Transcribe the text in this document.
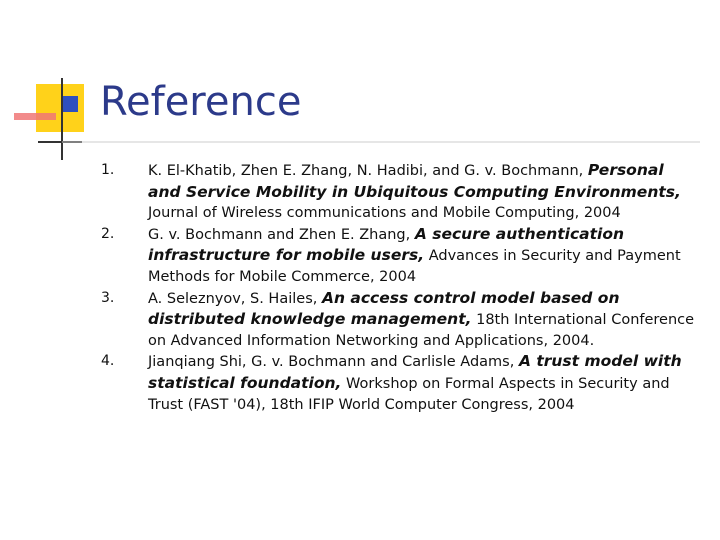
Reference
1. K. El-Khatib, Zhen E. Zhang, N. Hadibi, and G. v. Bochmann, Personal and Service Mobility in Ubiquitous Computing Environments, Journal of Wireless communications and Mobile Computing, 2004
2. G. v. Bochmann and Zhen E. Zhang, A secure authentication infrastructure for mobile users, Advances in Security and Payment Methods for Mobile Commerce, 2004
3. A. Seleznyov, S. Hailes, An access control model based on distributed knowledge management, 18th International Conference on Advanced Information Networking and Applications, 2004.
4. Jianqiang Shi, G. v. Bochmann and Carlisle Adams, A trust model with statistical foundation, Workshop on Formal Aspects in Security and Trust (FAST '04), 18th IFIP World Computer Congress, 2004
